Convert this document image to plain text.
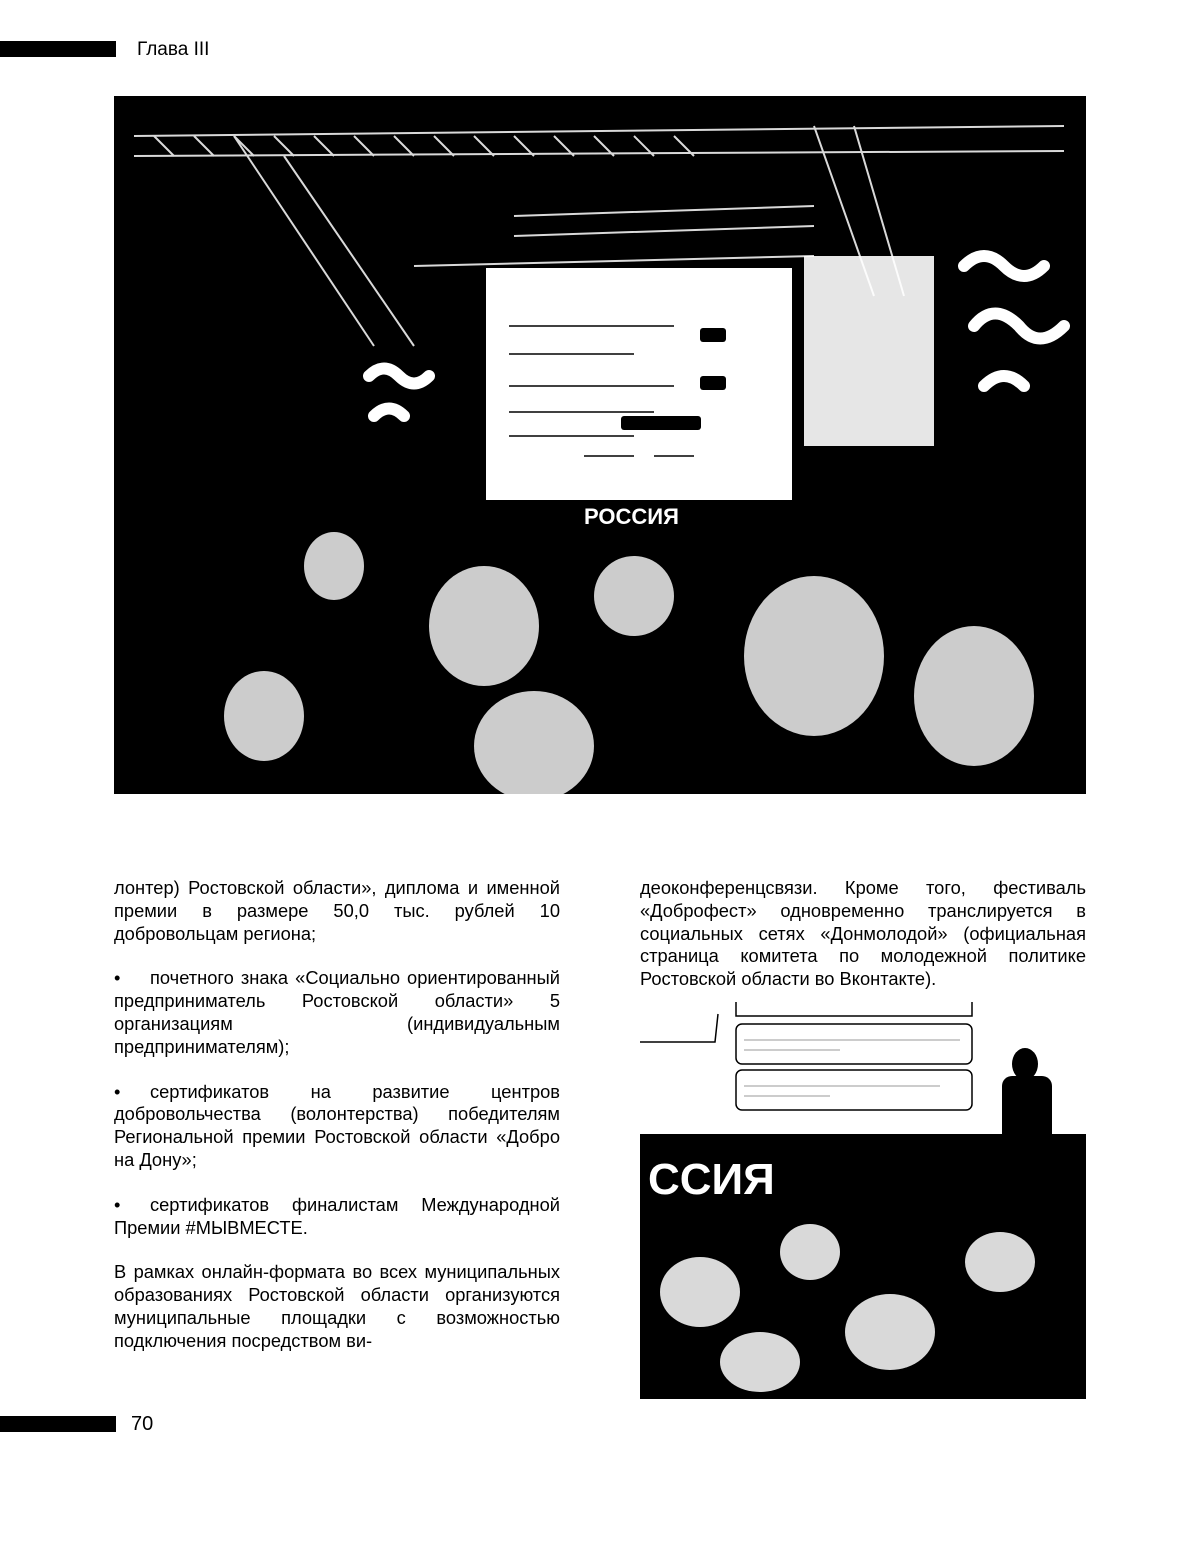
Глава III
РОССИЯ

лонтер) Ростовской области», диплома и именной премии в размере 50,0 тыс. рублей 10 добровольцам региона;

• почетного знака «Социально ориентированный предприниматель Ростовской области» 5 организациям (индивидуальным предпринимателям);

• сертификатов на развитие центров добровольчества (волонтерства) победителям Региональной премии Ростовской области «Добро на Дону»;

• сертификатов финалистам Международной Премии #МЫВМЕСТЕ.

В рамках онлайн-формата во всех муниципальных образованиях Ростовской области организуются муниципальные площадки с возможностью подключения посредством ви-

деоконференцсвязи. Кроме того, фестиваль «Доброфест» одновременно транслируется в социальных сетях «Донмолодой» (официальная страница комитета по молодежной политике Ростовской области во Вконтакте).

СCИЯ
70
